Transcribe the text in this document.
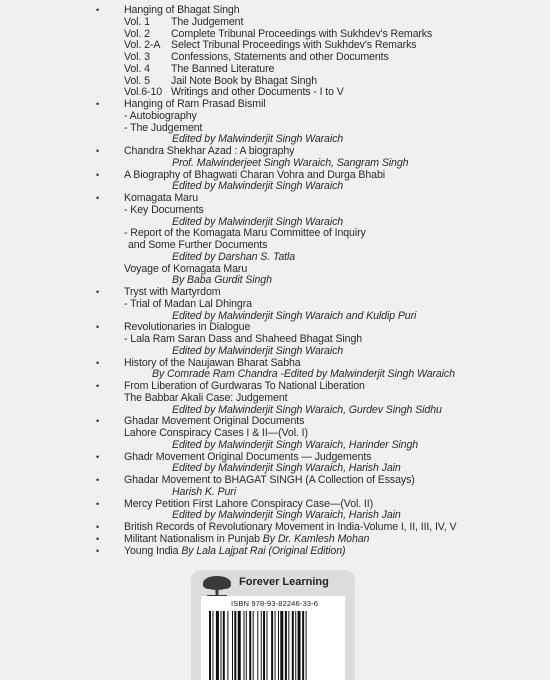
• Hanging of Bhagat Singh
Vol. 1 The Judgement
Vol. 2 Complete Tribunal Proceedings with Sukhdev's Remarks
Vol. 2-A Select Tribunal Proceedings with Sukhdev's Remarks
Vol. 3 Confessions, Statements and other Documents
Vol. 4 The Banned Literature
Vol. 5 Jail Note Book by Bhagat Singh
Vol.6-10 Writings and other Documents - I to V
• Hanging of Ram Prasad Bismil
- Autobiography
- The Judgement
Edited by Malwinderjit Singh Waraich
• Chandra Shekhar Azad : A biography
Prof. Malwinderjeet Singh Waraich, Sangram Singh
• A Biography of Bhagwati Charan Vohra and Durga Bhabi
Edited by Malwinderjit Singh Waraich
• Komagata Maru
- Key Documents
Edited by Malwinderjit Singh Waraich
- Report of the Komagata Maru Committee of Inquiry
and Some Further Documents
Edited by Darshan S. Tatla
Voyage of Komagata Maru
By Baba Gurdit Singh
• Tryst with Martyrdom
- Trial of Madan Lal Dhingra
Edited by Malwinderjit Singh Waraich and Kuldip Puri
• Revolutionaries in Dialogue
- Lala Ram Saran Dass and Shaheed Bhagat Singh
Edited by Malwinderjit Singh Waraich
• History of the Naujawan Bharat Sabha
By Comrade Ram Chandra -Edited by Malwinderjit Singh Waraich
• From Liberation of Gurdwaras To National Liberation
The Babbar Akali Case: Judgement
Edited by Malwinderjit Singh Waraich, Gurdev Singh Sidhu
• Ghadar Movement Original Documents
Lahore Conspiracy Cases I & II—(Vol. I)
Edited by Malwinderjit Singh Waraich, Harinder Singh
• Ghadr Movement Original Documents — Judgements
Edited by Malwinderjit Singh Waraich, Harish Jain
• Ghadar Movement to BHAGAT SINGH (A Collection of Essays)
Harish K. Puri
• Mercy Petition First Lahore Conspiracy Case—(Vol. II)
Edited by Malwinderjit Singh Waraich, Harish Jain
• British Records of Revolutionary Movement in India-Volume I, II, III, IV, V
• Militant Nationalism in Punjab By Dr. Kamlesh Mohan
• Young India By Lala Lajpat Rai (Original Edition)
Forever Learning
ISBN 978-93-82246-33-6
